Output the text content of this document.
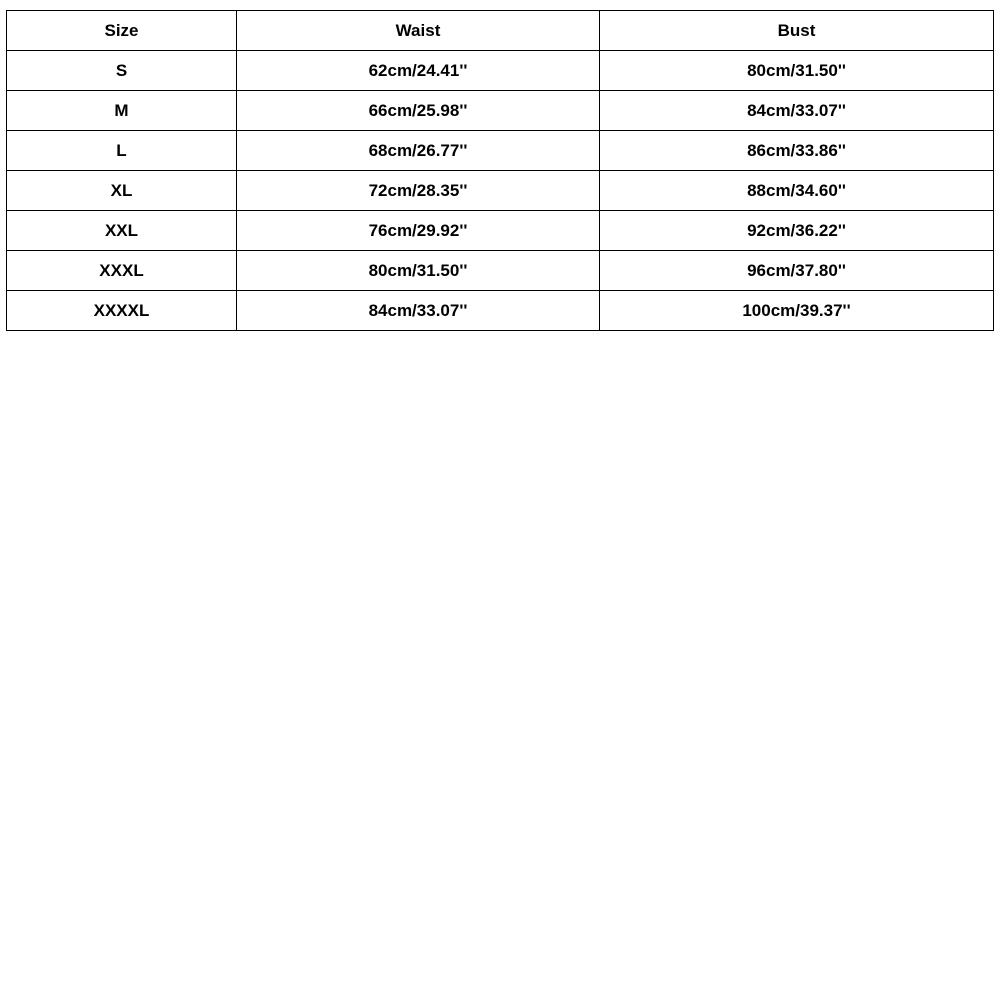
Size	Waist	Bust
S	62cm/24.41''	80cm/31.50''
M	66cm/25.98''	84cm/33.07''
L	68cm/26.77''	86cm/33.86''
XL	72cm/28.35''	88cm/34.60''
XXL	76cm/29.92''	92cm/36.22''
XXXL	80cm/31.50''	96cm/37.80''
XXXXL	84cm/33.07''	100cm/39.37''
